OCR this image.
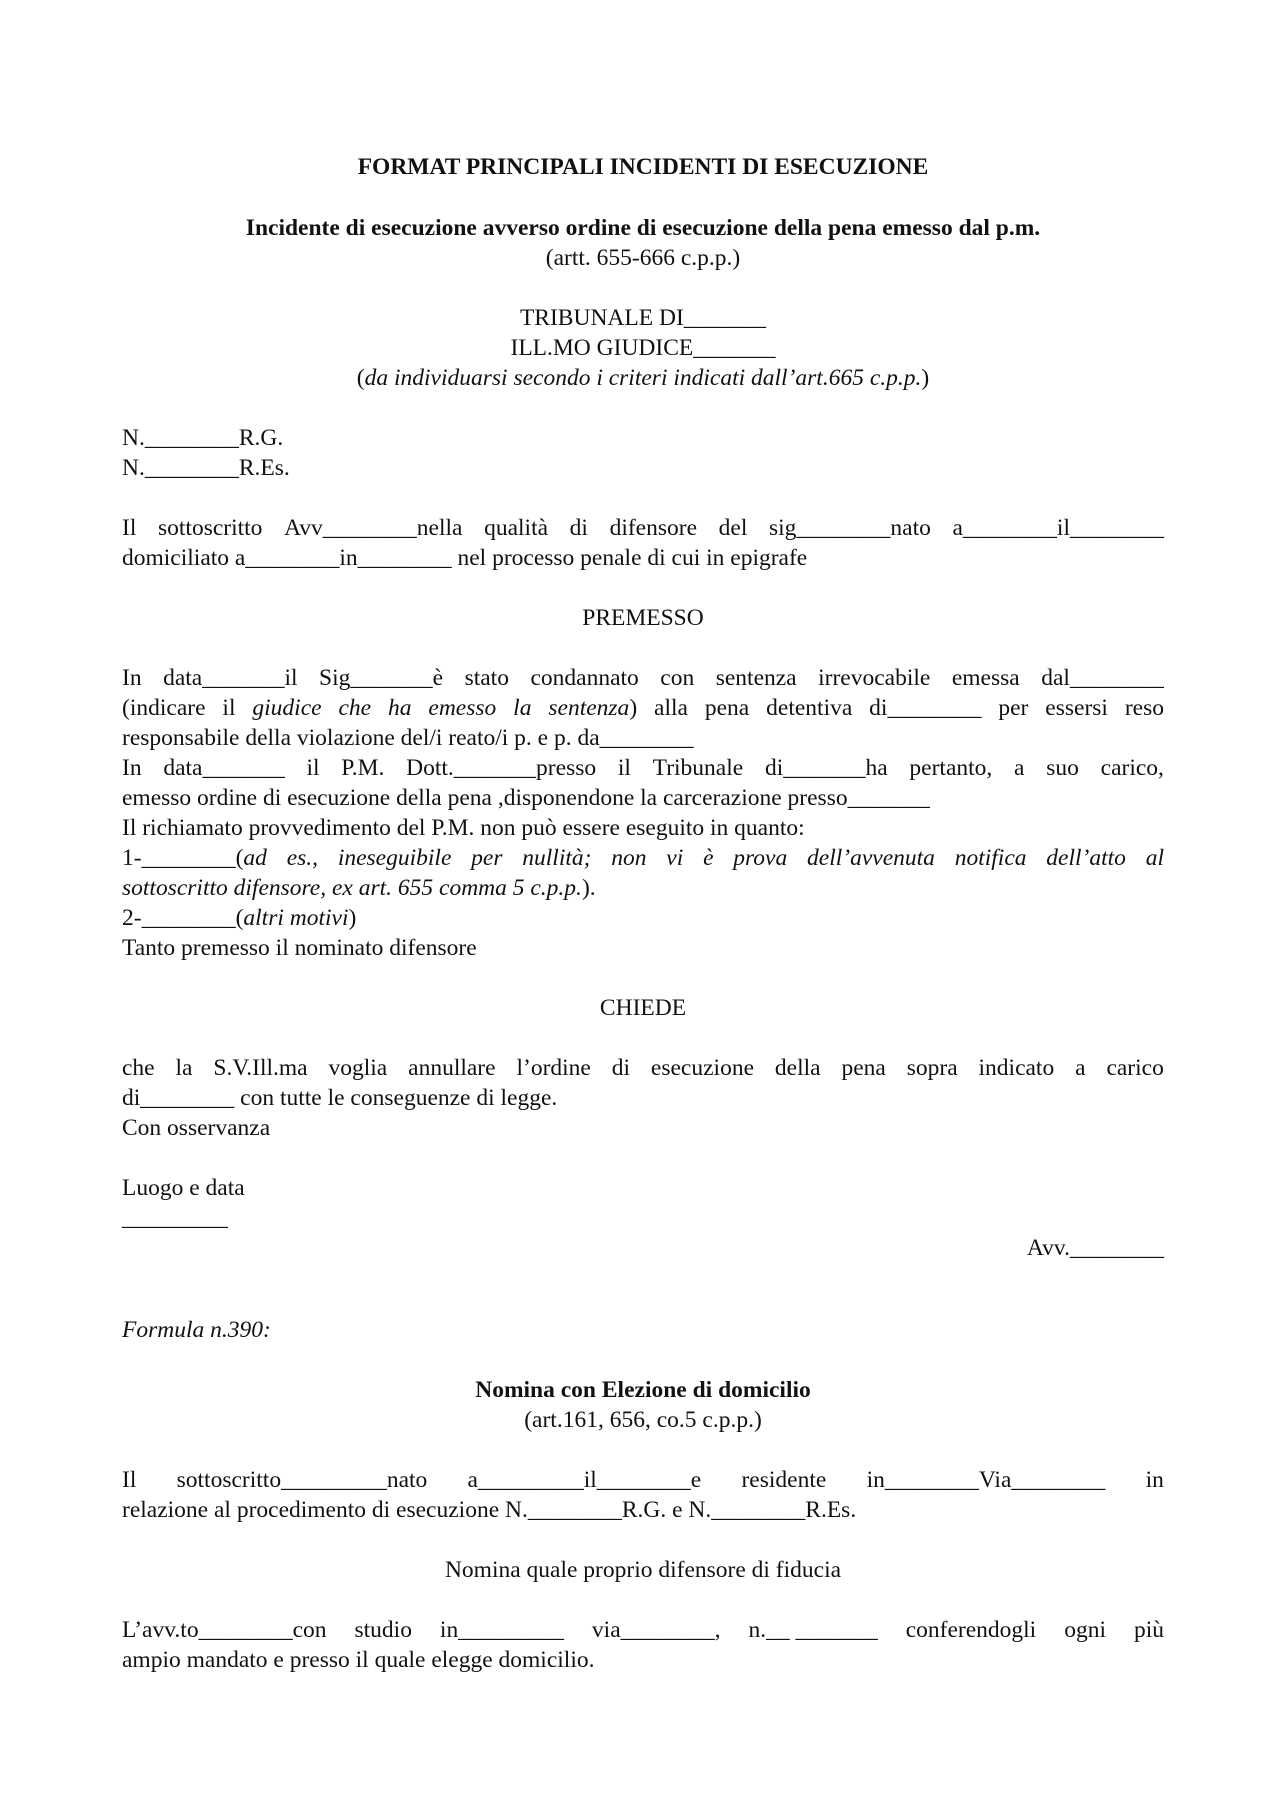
FORMAT PRINCIPALI INCIDENTI DI ESECUZIONE
Incidente di esecuzione avverso ordine di esecuzione della pena emesso dal p.m.
(artt. 655-666 c.p.p.)
TRIBUNALE DI_______
ILL.MO GIUDICE_______
(da individuarsi secondo i criteri indicati dall’art.665 c.p.p.)
N.________R.G.
N.________R.Es.
Il sottoscritto Avv________nella qualità di difensore del sig________nato a________il________
domiciliato a________in________ nel processo penale di cui in epigrafe
PREMESSO
In data_______il Sig_______è stato condannato con sentenza irrevocabile emessa dal________
(indicare il giudice che ha emesso la sentenza) alla pena detentiva di________ per essersi reso
responsabile della violazione del/i reato/i p. e p. da________
In data_______ il P.M. Dott._______presso il Tribunale di_______ha pertanto, a suo carico,
emesso ordine di esecuzione della pena ,disponendone la carcerazione presso_______
Il richiamato provvedimento del P.M. non può essere eseguito in quanto:
1-________(ad es., ineseguibile per nullità; non vi è prova dell’avvenuta notifica dell’atto al
sottoscritto difensore, ex art. 655 comma 5 c.p.p.).
2-________(altri motivi)
Tanto premesso il nominato difensore
CHIEDE
che la S.V.Ill.ma voglia annullare l’ordine di esecuzione della pena sopra indicato a carico
di________ con tutte le conseguenze di legge.
Con osservanza
Luogo e data
_________
Avv.________
Formula n.390:
Nomina con Elezione di domicilio
(art.161, 656, co.5 c.p.p.)
Il sottoscritto_________nato a_________il________e residente in________Via________ in
relazione al procedimento di esecuzione N.________R.G. e N.________R.Es.
Nomina quale proprio difensore di fiducia
L’avv.to________con studio in_________ via________, n.__ _______ conferendogli ogni più
ampio mandato e presso il quale elegge domicilio.
